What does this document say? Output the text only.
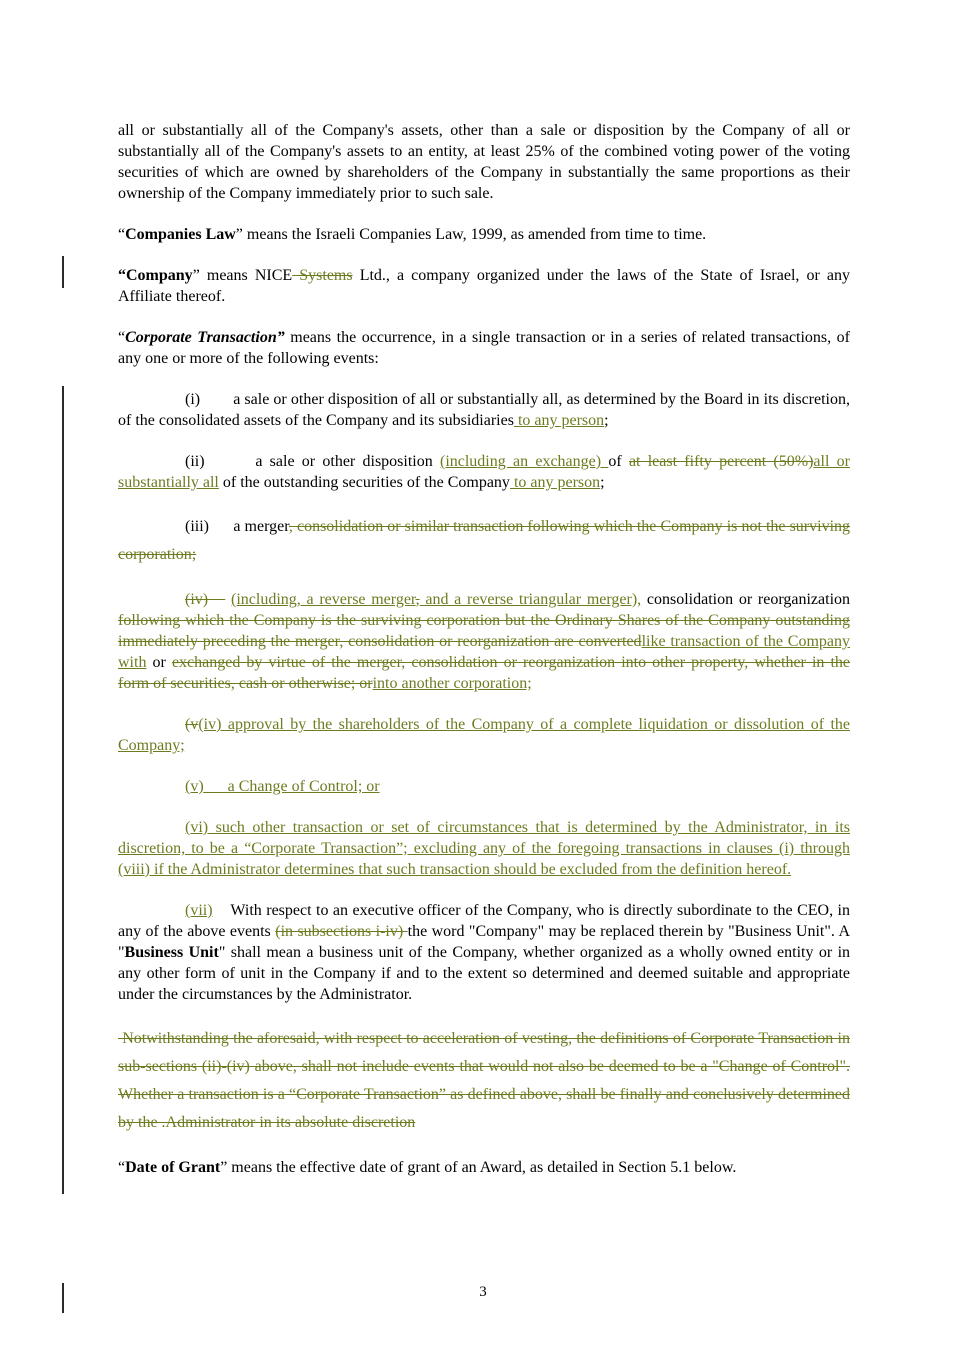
all or substantially all of the Company's assets, other than a sale or disposition by the Company of all or substantially all of the Company's assets to an entity, at least 25% of the combined voting power of the voting securities of which are owned by shareholders of the Company in substantially the same proportions as their ownership of the Company immediately prior to such sale.

“Companies Law” means the Israeli Companies Law, 1999, as amended from time to time.

“Company” means NICE Systems Ltd., a company organized under the laws of the State of Israel, or any Affiliate thereof.

“Corporate Transaction” means the occurrence, in a single transaction or in a series of related transactions, of any one or more of the following events:

(i) a sale or other disposition of all or substantially all, as determined by the Board in its discretion, of the consolidated assets of the Company and its subsidiaries to any person;

(ii)	a sale or other disposition (including an exchange) of at least fifty percent (50%)all or substantially all of the outstanding securities of the Company to any person;

(iii) a merger, consolidation or similar transaction following which the Company is not the surviving corporation;

(iv)    (including, a reverse merger, and a reverse triangular merger), consolidation or reorganization following which the Company is the surviving corporation but the Ordinary Shares of the Company outstanding immediately preceding the merger, consolidation or reorganization are convertedlike transaction of the Company with or exchanged by virtue of the merger, consolidation or reorganization into other property, whether in the form of securities, cash or otherwise; orinto another corporation;

(v(iv) approval by the shareholders of the Company of a complete liquidation or dissolution of the Company;

(v) a Change of Control; or

(vi) such other transaction or set of circumstances that is determined by the Administrator, in its discretion, to be a “Corporate Transaction”; excluding any of the foregoing transactions in clauses (i) through (viii) if the Administrator determines that such transaction should be excluded from the definition hereof.

(vii) With respect to an executive officer of the Company, who is directly subordinate to the CEO, in any of the above events (in subsections i-iv) the word "Company" may be replaced therein by "Business Unit". A "Business Unit" shall mean a business unit of the Company, whether organized as a wholly owned entity or in any other form of unit in the Company if and to the extent so determined and deemed suitable and appropriate under the circumstances by the Administrator.

Notwithstanding the aforesaid, with respect to acceleration of vesting, the definitions of Corporate Transaction in sub-sections (ii)-(iv) above, shall not include events that would not also be deemed to be a "Change of Control". Whether a transaction is a “Corporate Transaction” as defined above, shall be finally and conclusively determined by the .Administrator in its absolute discretion

“Date of Grant” means the effective date of grant of an Award, as detailed in Section 5.1 below.

3
